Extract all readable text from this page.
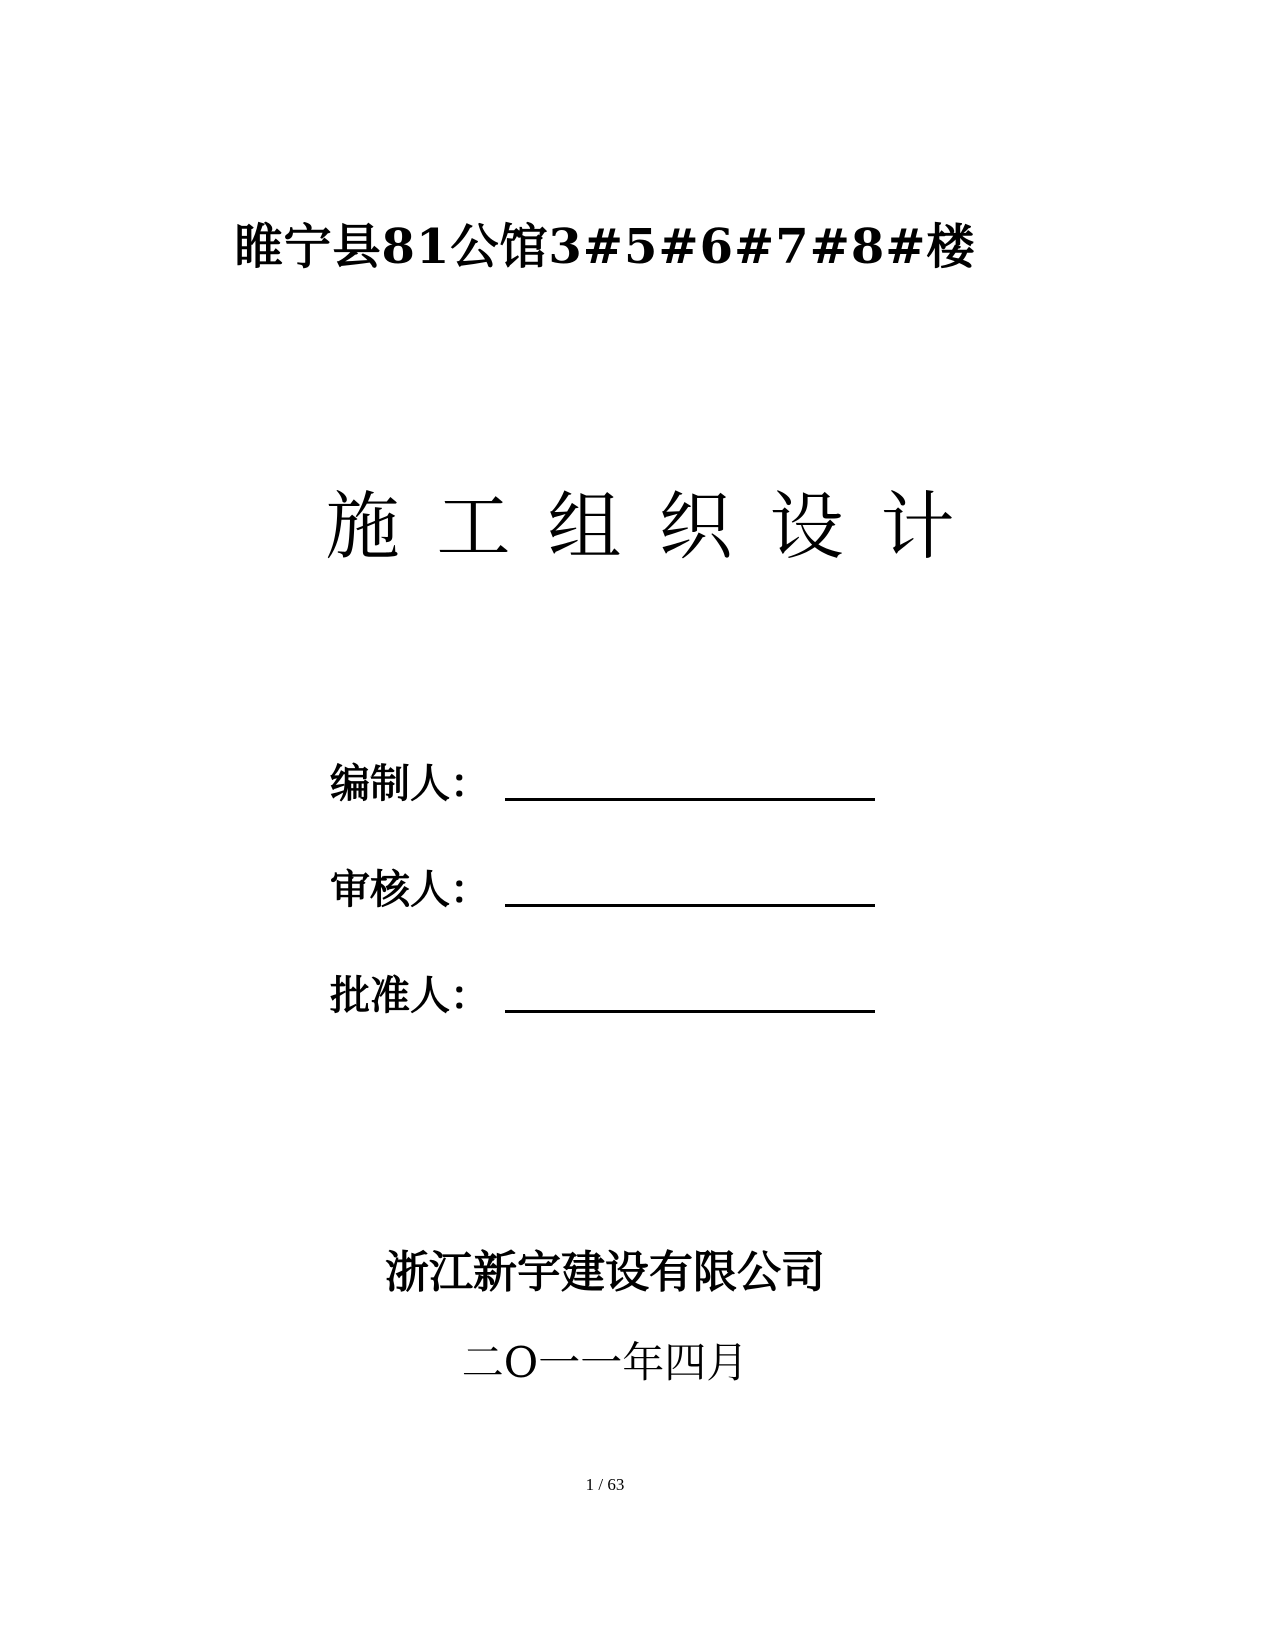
睢宁县81公馆3#5#6#7#8#楼
施 工 组 织 设 计
编制人：
审核人：
批准人：
浙江新宇建设有限公司
二O一一年四月
1 / 63
